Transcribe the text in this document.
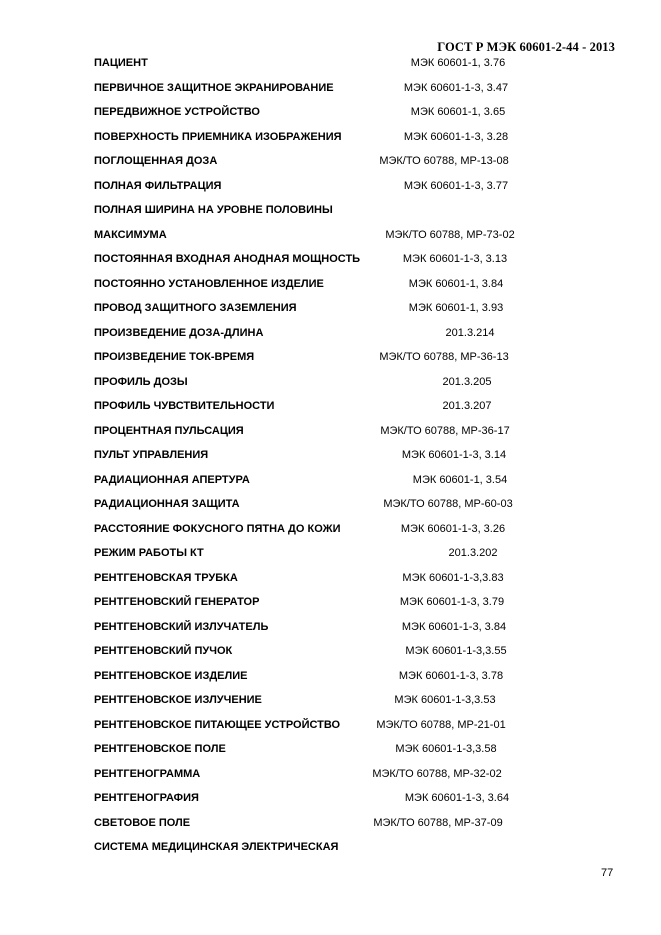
ГОСТ Р МЭК 60601-2-44 - 2013
ПАЦИЕНТ	МЭК 60601-1, 3.76
ПЕРВИЧНОЕ ЗАЩИТНОЕ ЭКРАНИРОВАНИЕ	МЭК 60601-1-3, 3.47
ПЕРЕДВИЖНОЕ УСТРОЙСТВО	МЭК 60601-1, 3.65
ПОВЕРХНОСТЬ ПРИЕМНИКА ИЗОБРАЖЕНИЯ	МЭК 60601-1-3, 3.28
ПОГЛОЩЕННАЯ ДОЗА	МЭК/ТО 60788, МР-13-08
ПОЛНАЯ ФИЛЬТРАЦИЯ	МЭК 60601-1-3, 3.77
ПОЛНАЯ ШИРИНА НА УРОВНЕ ПОЛОВИНЫ
МАКСИМУМА	МЭК/ТО 60788, МР-73-02
ПОСТОЯННАЯ ВХОДНАЯ АНОДНАЯ МОЩНОСТЬ	МЭК 60601-1-3, 3.13
ПОСТОЯННО УСТАНОВЛЕННОЕ ИЗДЕЛИЕ	МЭК 60601-1, 3.84
ПРОВОД ЗАЩИТНОГО ЗАЗЕМЛЕНИЯ	МЭК 60601-1, 3.93
ПРОИЗВЕДЕНИЕ ДОЗА-ДЛИНА	201.3.214
ПРОИЗВЕДЕНИЕ ТОК-ВРЕМЯ	МЭК/ТО 60788, МР-36-13
ПРОФИЛЬ ДОЗЫ	201.3.205
ПРОФИЛЬ ЧУВСТВИТЕЛЬНОСТИ	201.3.207
ПРОЦЕНТНАЯ ПУЛЬСАЦИЯ	МЭК/ТО 60788, МР-36-17
ПУЛЬТ УПРАВЛЕНИЯ	МЭК 60601-1-3, 3.14
РАДИАЦИОННАЯ АПЕРТУРА	МЭК 60601-1, 3.54
РАДИАЦИОННАЯ ЗАЩИТА	МЭК/ТО 60788, МР-60-03
РАССТОЯНИЕ ФОКУСНОГО ПЯТНА ДО КОЖИ	МЭК 60601-1-3, 3.26
РЕЖИМ РАБОТЫ КТ	201.3.202
РЕНТГЕНОВСКАЯ ТРУБКА	МЭК 60601-1-3,3.83
РЕНТГЕНОВСКИЙ ГЕНЕРАТОР	МЭК 60601-1-3, 3.79
РЕНТГЕНОВСКИЙ ИЗЛУЧАТЕЛЬ	МЭК 60601-1-3, 3.84
РЕНТГЕНОВСКИЙ ПУЧОК	МЭК 60601-1-3,3.55
РЕНТГЕНОВСКОЕ ИЗДЕЛИЕ	МЭК 60601-1-3, 3.78
РЕНТГЕНОВСКОЕ ИЗЛУЧЕНИЕ	МЭК 60601-1-3,3.53
РЕНТГЕНОВСКОЕ ПИТАЮЩЕЕ УСТРОЙСТВО	МЭК/ТО 60788, МР-21-01
РЕНТГЕНОВСКОЕ ПОЛЕ	МЭК 60601-1-3,3.58
РЕНТГЕНОГРАММА	МЭК/ТО 60788, МР-32-02
РЕНТГЕНОГРАФИЯ	МЭК 60601-1-3, 3.64
СВЕТОВОЕ ПОЛЕ	МЭК/ТО 60788, МР-37-09
СИСТЕМА МЕДИЦИНСКАЯ ЭЛЕКТРИЧЕСКАЯ
77
